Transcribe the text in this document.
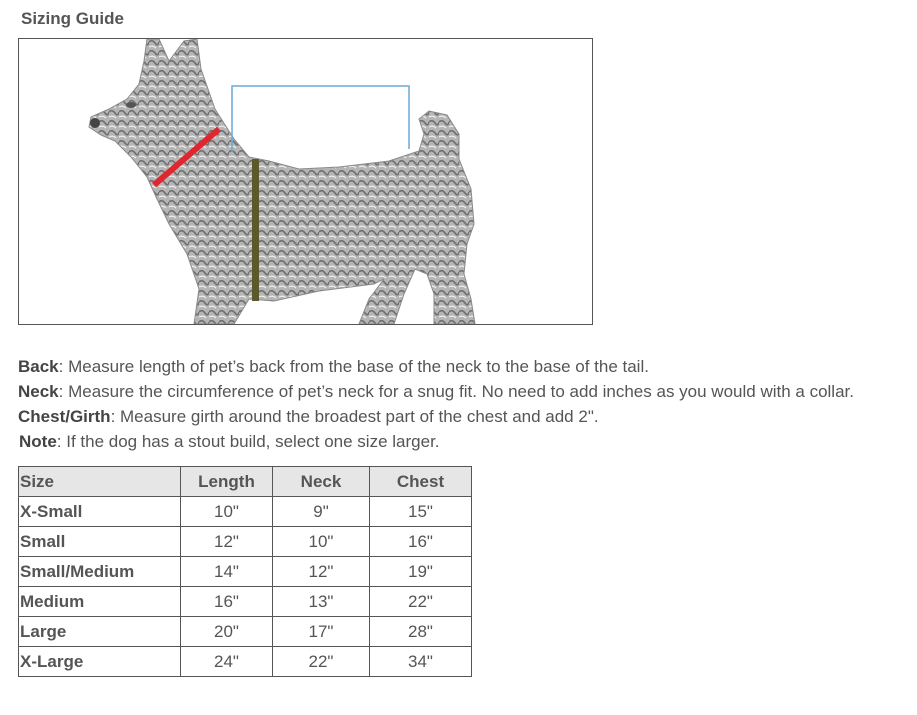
Sizing Guide
Back: Measure length of pet’s back from the base of the neck to the base of the tail.
Neck: Measure the circumference of pet’s neck for a snug fit. No need to add inches as you would with a collar.
Chest/Girth: Measure girth around the broadest part of the chest and add 2".
Note: If the dog has a stout build, select one size larger.
Size	Length	Neck	Chest
X-Small	10"	9"	15"
Small	12"	10"	16"
Small/Medium	14"	12"	19"
Medium	16"	13"	22"
Large	20"	17"	28"
X-Large	24"	22"	34"
